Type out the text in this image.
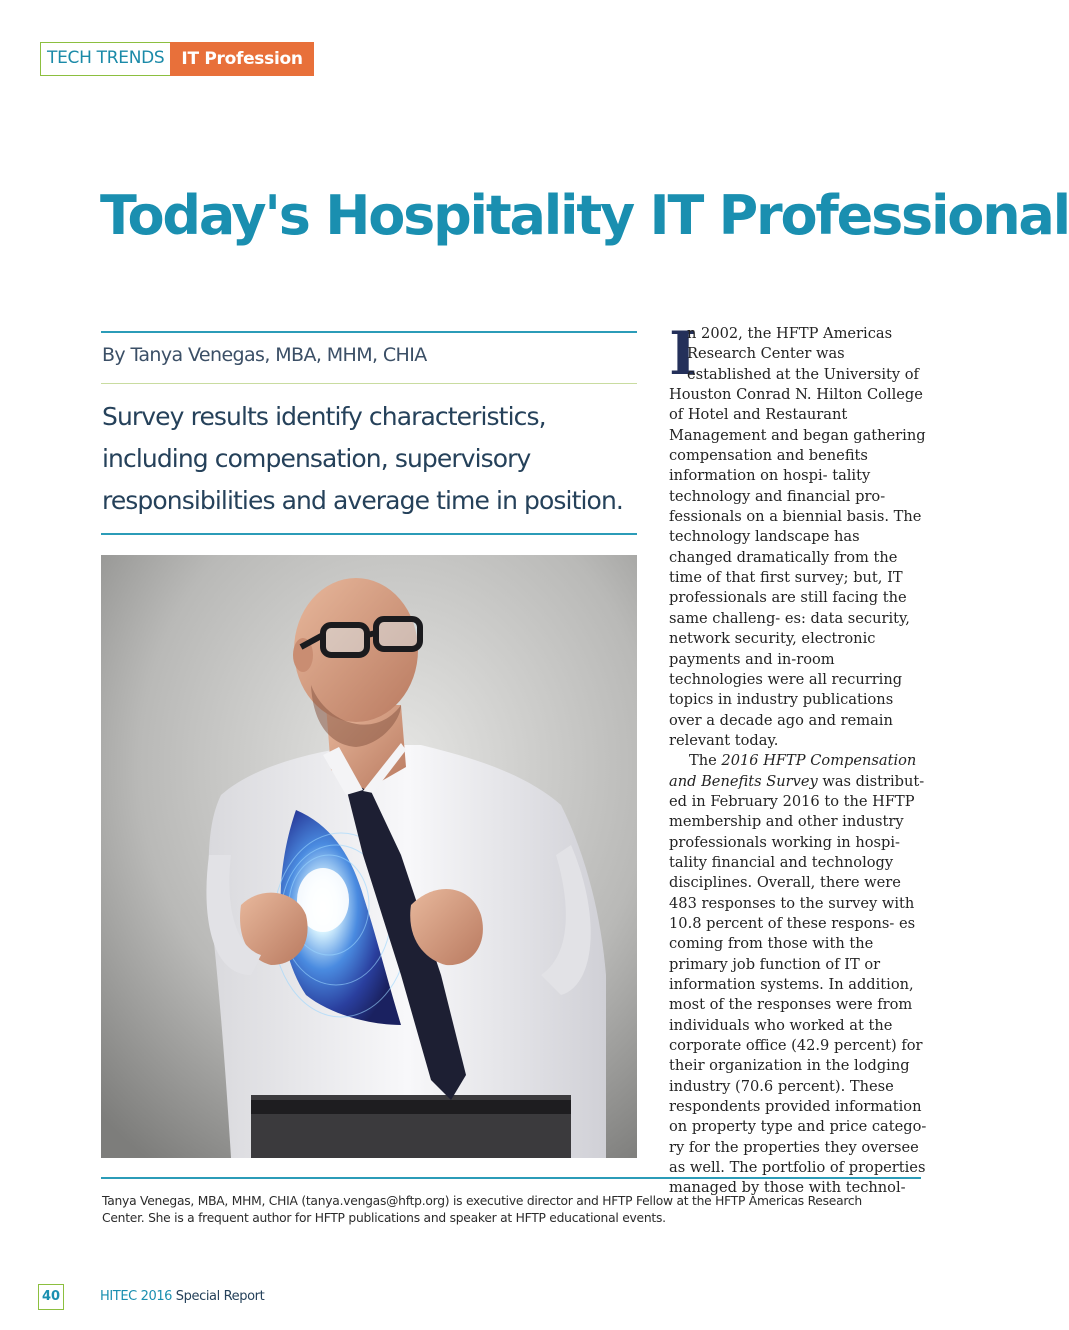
TECH TRENDS	IT Profession
Today's Hospitality IT Professional
By Tanya Venegas, MBA, MHM, CHIA
Survey results identify characteristics, including compensation, supervisory responsibilities and average time in position.

I
n 2002, the HFTP Americas Research Center was established at the University of Houston Conrad N. Hilton College of Hotel and Restaurant Management and began gathering compensation and benefits information on hospi- tality technology and financial pro- fessionals on a biennial basis. The technology landscape has changed dramatically from the time of that first survey; but, IT professionals are still facing the same challeng- es: data security, network security, electronic payments and in-room technologies were all recurring topics in industry publications over a decade ago and remain relevant today.

The 2016 HFTP Compensation and Benefits Survey was distribut- ed in February 2016 to the HFTP membership and other industry professionals working in hospi- tality financial and technology disciplines. Overall, there were 483 responses to the survey with 10.8 percent of these respons- es coming from those with the primary job function of IT or information systems. In addition, most of the responses were from individuals who worked at the corporate office (42.9 percent) for their organization in the lodging industry (70.6 percent). These respondents provided information on property type and price catego- ry for the properties they oversee as well. The portfolio of properties managed by those with technol-

Tanya Venegas, MBA, MHM, CHIA (tanya.vengas@hftp.org) is executive director and HFTP Fellow at the HFTP Americas Research Center. She is a frequent author for HFTP publications and speaker at HFTP educational events.
40	HITEC 2016 Special Report
